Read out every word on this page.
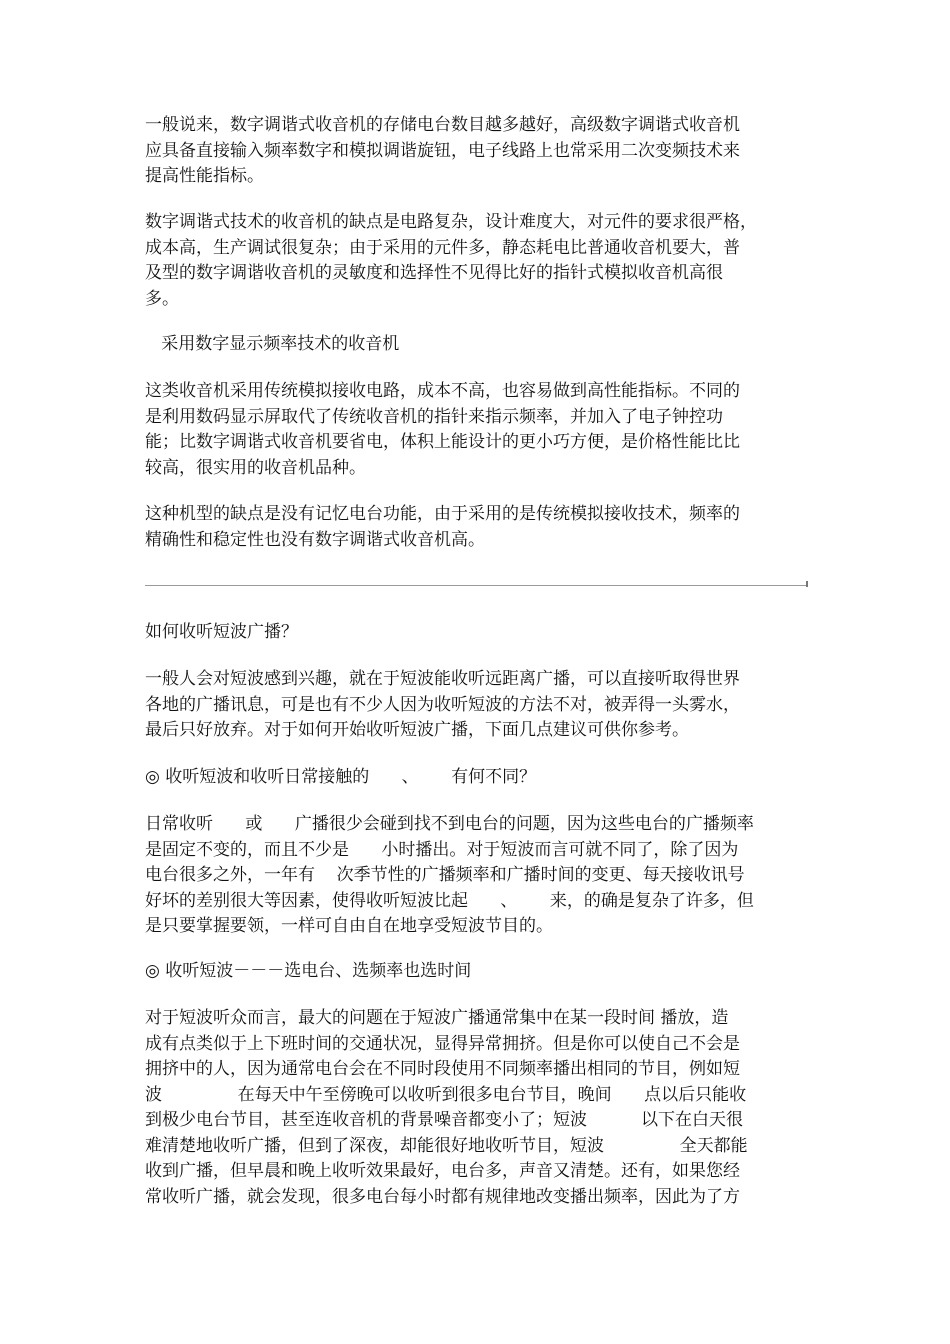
一般说来，数字调谐式收音机的存储电台数目越多越好，高级数字调谐式收音机
应具备直接输入频率数字和模拟调谐旋钮，电子线路上也常采用二次变频技术来
提高性能指标。
数字调谐式技术的收音机的缺点是电路复杂，设计难度大，对元件的要求很严格，
成本高，生产调试很复杂；由于采用的元件多，静态耗电比普通收音机要大，普
及型的数字调谐收音机的灵敏度和选择性不见得比好的指针式模拟收音机高很
多。
采用数字显示频率技术的收音机
这类收音机采用传统模拟接收电路，成本不高，也容易做到高性能指标。不同的
是利用数码显示屏取代了传统收音机的指针来指示频率，并加入了电子钟控功
能；比数字调谐式收音机要省电，体积上能设计的更小巧方便，是价格性能比比
较高，很实用的收音机品种。
这种机型的缺点是没有记忆电台功能，由于采用的是传统模拟接收技术，频率的
精确性和稳定性也没有数字调谐式收音机高。
如何收听短波广播？
一般人会对短波感到兴趣，就在于短波能收听远距离广播，可以直接听取得世界
各地的广播讯息，可是也有不少人因为收听短波的方法不对，被弄得一头雾水，
最后只好放弃。对于如何开始收听短波广播，下面几点建议可供你参考。
◎ 收听短波和收听日常接触的      、      有何不同？
日常收听      或      广播很少会碰到找不到电台的问题，因为这些电台的广播频率
是固定不变的，而且不少是      小时播出。对于短波而言可就不同了，除了因为
电台很多之外，一年有    次季节性的广播频率和广播时间的变更、每天接收讯号
好坏的差别很大等因素，使得收听短波比起      、      来，的确是复杂了许多，但
是只要掌握要领，一样可自由自在地享受短波节目的。
◎ 收听短波－－－选电台、选频率也选时间
对于短波听众而言，最大的问题在于短波广播通常集中在某一段时间 播放，造
成有点类似于上下班时间的交通状况，显得异常拥挤。但是你可以使自己不会是
拥挤中的人，因为通常电台会在不同时段使用不同频率播出相同的节目，例如短
波              在每天中午至傍晚可以收听到很多电台节目，晚间      点以后只能收
到极少电台节目，甚至连收音机的背景噪音都变小了；短波          以下在白天很
难清楚地收听广播，但到了深夜，却能很好地收听节目，短波              全天都能
收到广播，但早晨和晚上收听效果最好，电台多，声音又清楚。还有，如果您经
常收听广播，就会发现，很多电台每小时都有规律地改变播出频率，因此为了方
